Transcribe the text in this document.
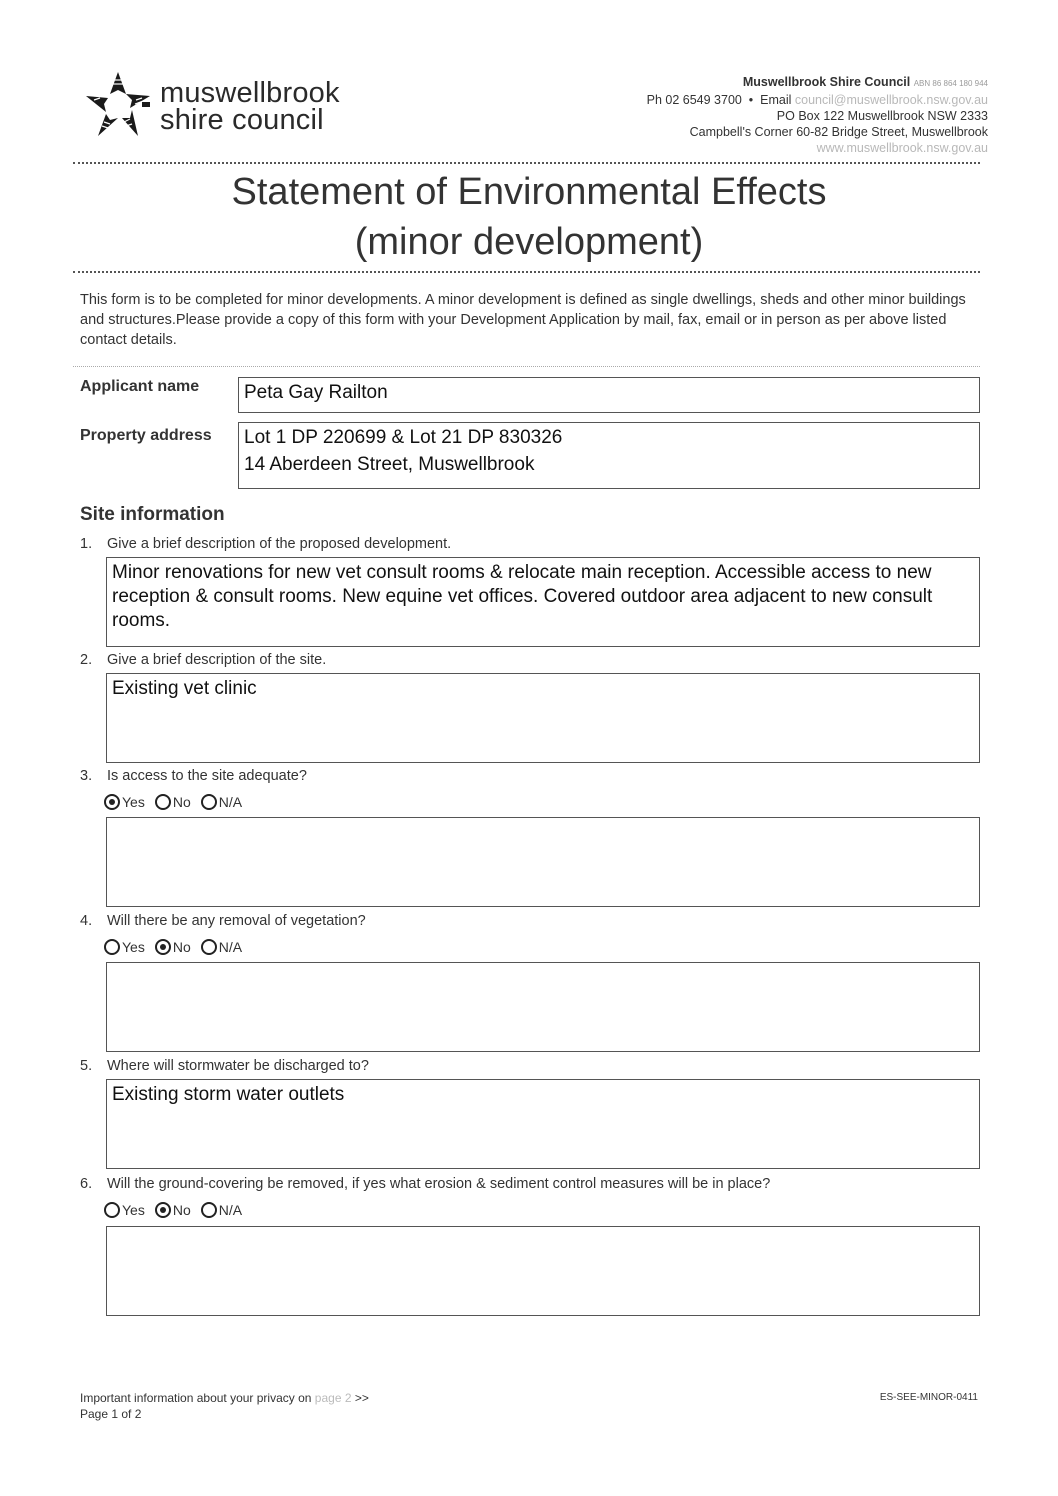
muswellbrook
shire council
Muswellbrook Shire Council ABN 86 864 180 944
Ph 02 6549 3700  •  Email council@muswellbrook.nsw.gov.au
PO Box 122 Muswellbrook NSW 2333
Campbell's Corner 60-82 Bridge Street, Muswellbrook
www.muswellbrook.nsw.gov.au
Statement of Environmental Effects
(minor development)
This form is to be completed for minor developments. A minor development is defined as single dwellings, sheds and other minor buildings and structures.Please provide a copy of this form with your Development Application by mail, fax, email or in person as per above listed contact details.
Applicant name Peta Gay Railton
Property address Lot 1 DP 220699 & Lot 21 DP 830326
14 Aberdeen Street, Muswellbrook
Site information
1. Give a brief description of the proposed development.
Minor renovations for new vet consult rooms & relocate main reception. Accessible access to new reception & consult rooms. New equine vet offices. Covered outdoor area adjacent to new consult rooms.
2. Give a brief description of the site.
Existing vet clinic
3. Is access to the site adequate?
Yes No N/A
4. Will there be any removal of vegetation?
Yes No N/A
5. Where will stormwater be discharged to?
Existing storm water outlets
6. Will the ground-covering be removed, if yes what erosion & sediment control measures will be in place?
Yes No N/A
Important information about your privacy on page 2 >>
Page 1 of 2
ES-SEE-MINOR-0411
